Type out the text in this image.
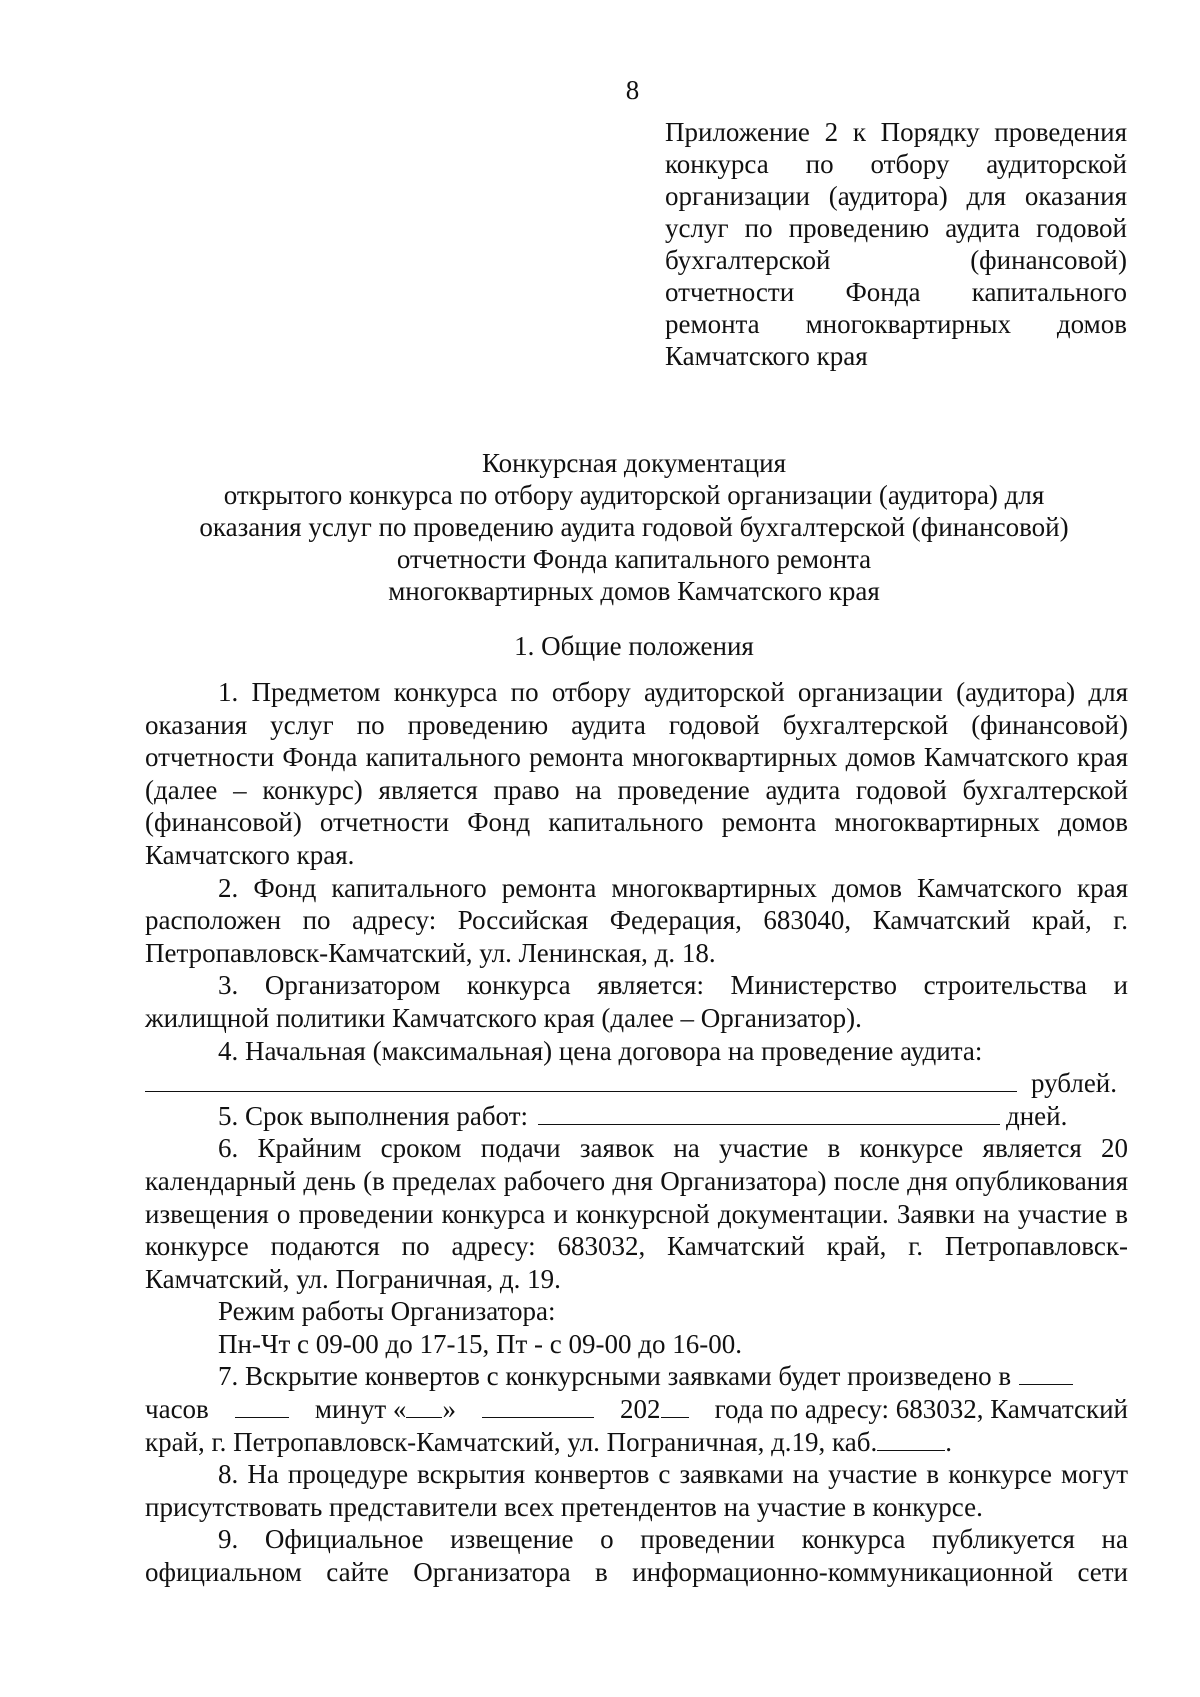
8
Приложение 2 к Порядку проведения конкурса по отбору аудиторской организации (аудитора) для оказания услуг по проведению аудита годовой бухгалтерской (финансовой) отчетности Фонда капитального ремонта многоквартирных домов Камчатского края
Конкурсная документация
открытого конкурса по отбору аудиторской организации (аудитора) для
оказания услуг по проведению аудита годовой бухгалтерской (финансовой)
отчетности Фонда капитального ремонта
многоквартирных домов Камчатского края
1. Общие положения

1. Предметом конкурса по отбору аудиторской организации (аудитора) для оказания услуг по проведению аудита годовой бухгалтерской (финансовой) отчетности Фонда капитального ремонта многоквартирных домов Камчатского края (далее – конкурс) является право на проведение аудита годовой бухгалтерской (финансовой) отчетности Фонд капитального ремонта многоквартирных домов Камчатского края.

2. Фонд капитального ремонта многоквартирных домов Камчатского края расположен по адресу: Российская Федерация, 683040, Камчатский край, г. Петропавловск-Камчатский, ул. Ленинская, д. 18.

3. Организатором конкурса является: Министерство строительства и жилищной политики Камчатского края (далее – Организатор).

4. Начальная (максимальная) цена договора на проведение аудита:

рублей.
5. Срок выполнения работ:	дней.

6. Крайним сроком подачи заявок на участие в конкурсе является 20 календарный день (в пределах рабочего дня Организатора) после дня опубликования извещения о проведении конкурса и конкурсной документации. Заявки на участие в конкурсе подаются по адресу: 683032, Камчатский край, г. Петропавловск-Камчатский, ул. Пограничная, д. 19.

Режим работы Организатора:

Пн-Чт с 09-00 до 17-15, Пт - с 09-00 до 16-00.

7. Вскрытие конвертов с конкурсными заявками будет произведено в
часов	минут « »	202	года по адресу: 683032, Камчатский
край, г. Петропавловск-Камчатский, ул. Пограничная, д.19, каб.	.

8. На процедуре вскрытия конвертов с заявками на участие в конкурсе могут присутствовать представители всех претендентов на участие в конкурсе.

9. Официальное извещение о проведении конкурса публикуется на официальном сайте Организатора в информационно-коммуникационной сети
